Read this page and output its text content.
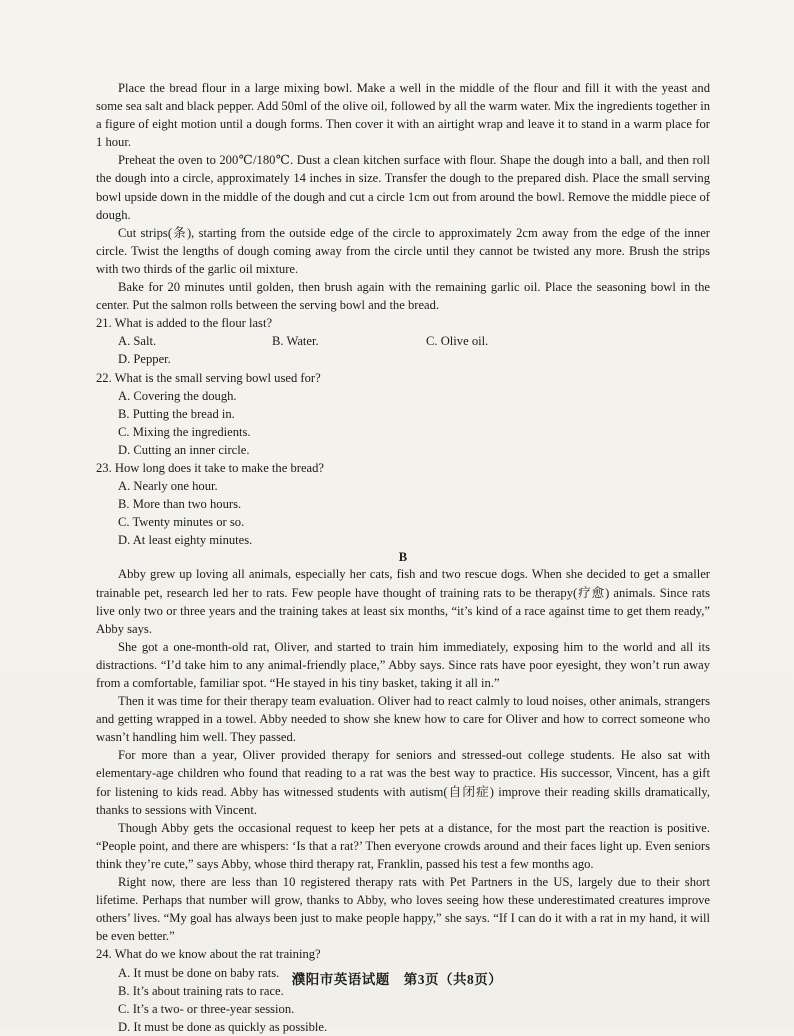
Place the bread flour in a large mixing bowl. Make a well in the middle of the flour and fill it with the yeast and some sea salt and black pepper. Add 50ml of the olive oil, followed by all the warm water. Mix the ingredients together in a figure of eight motion until a dough forms. Then cover it with an airtight wrap and leave it to stand in a warm place for 1 hour.

Preheat the oven to 200℃/180℃. Dust a clean kitchen surface with flour. Shape the dough into a ball, and then roll the dough into a circle, approximately 14 inches in size. Transfer the dough to the prepared dish. Place the small serving bowl upside down in the middle of the dough and cut a circle 1cm out from around the bowl. Remove the middle piece of dough.

Cut strips(条), starting from the outside edge of the circle to approximately 2cm away from the edge of the inner circle. Twist the lengths of dough coming away from the circle until they cannot be twisted any more. Brush the strips with two thirds of the garlic oil mixture.

Bake for 20 minutes until golden, then brush again with the remaining garlic oil. Place the seasoning bowl in the center. Put the salmon rolls between the serving bowl and the bread.

21. What is added to the flour last?

A. Salt.	B. Water.	C. Olive oil.
D. Pepper.

22. What is the small serving bowl used for?

A. Covering the dough.
B. Putting the bread in.
C. Mixing the ingredients.
D. Cutting an inner circle.

23. How long does it take to make the bread?

A. Nearly one hour.
B. More than two hours.
C. Twenty minutes or so.
D. At least eighty minutes.

B

Abby grew up loving all animals, especially her cats, fish and two rescue dogs. When she decided to get a smaller trainable pet, research led her to rats. Few people have thought of training rats to be therapy(疗愈) animals. Since rats live only two or three years and the training takes at least six months, “it’s kind of a race against time to get them ready,” Abby says.

She got a one-month-old rat, Oliver, and started to train him immediately, exposing him to the world and all its distractions. “I’d take him to any animal-friendly place,” Abby says. Since rats have poor eyesight, they won’t run away from a comfortable, familiar spot. “He stayed in his tiny basket, taking it all in.”

Then it was time for their therapy team evaluation. Oliver had to react calmly to loud noises, other animals, strangers and getting wrapped in a towel. Abby needed to show she knew how to care for Oliver and how to correct someone who wasn’t handling him well. They passed.

For more than a year, Oliver provided therapy for seniors and stressed-out college students. He also sat with elementary-age children who found that reading to a rat was the best way to practice. His successor, Vincent, has a gift for listening to kids read. Abby has witnessed students with autism(自闭症) improve their reading skills dramatically, thanks to sessions with Vincent.

Though Abby gets the occasional request to keep her pets at a distance, for the most part the reaction is positive. “People point, and there are whispers: ‘Is that a rat?’ Then everyone crowds around and their faces light up. Even seniors think they’re cute,” says Abby, whose third therapy rat, Franklin, passed his test a few months ago.

Right now, there are less than 10 registered therapy rats with Pet Partners in the US, largely due to their short lifetime. Perhaps that number will grow, thanks to Abby, who loves seeing how these underestimated creatures improve others’ lives. “My goal has always been just to make people happy,” she says. “If I can do it with a rat in my hand, it will be even better.”

24. What do we know about the rat training?

A. It must be done on baby rats.
B. It’s about training rats to race.
C. It’s a two- or three-year session.
D. It must be done as quickly as possible.
濮阳市英语试题　第3页（共8页）
